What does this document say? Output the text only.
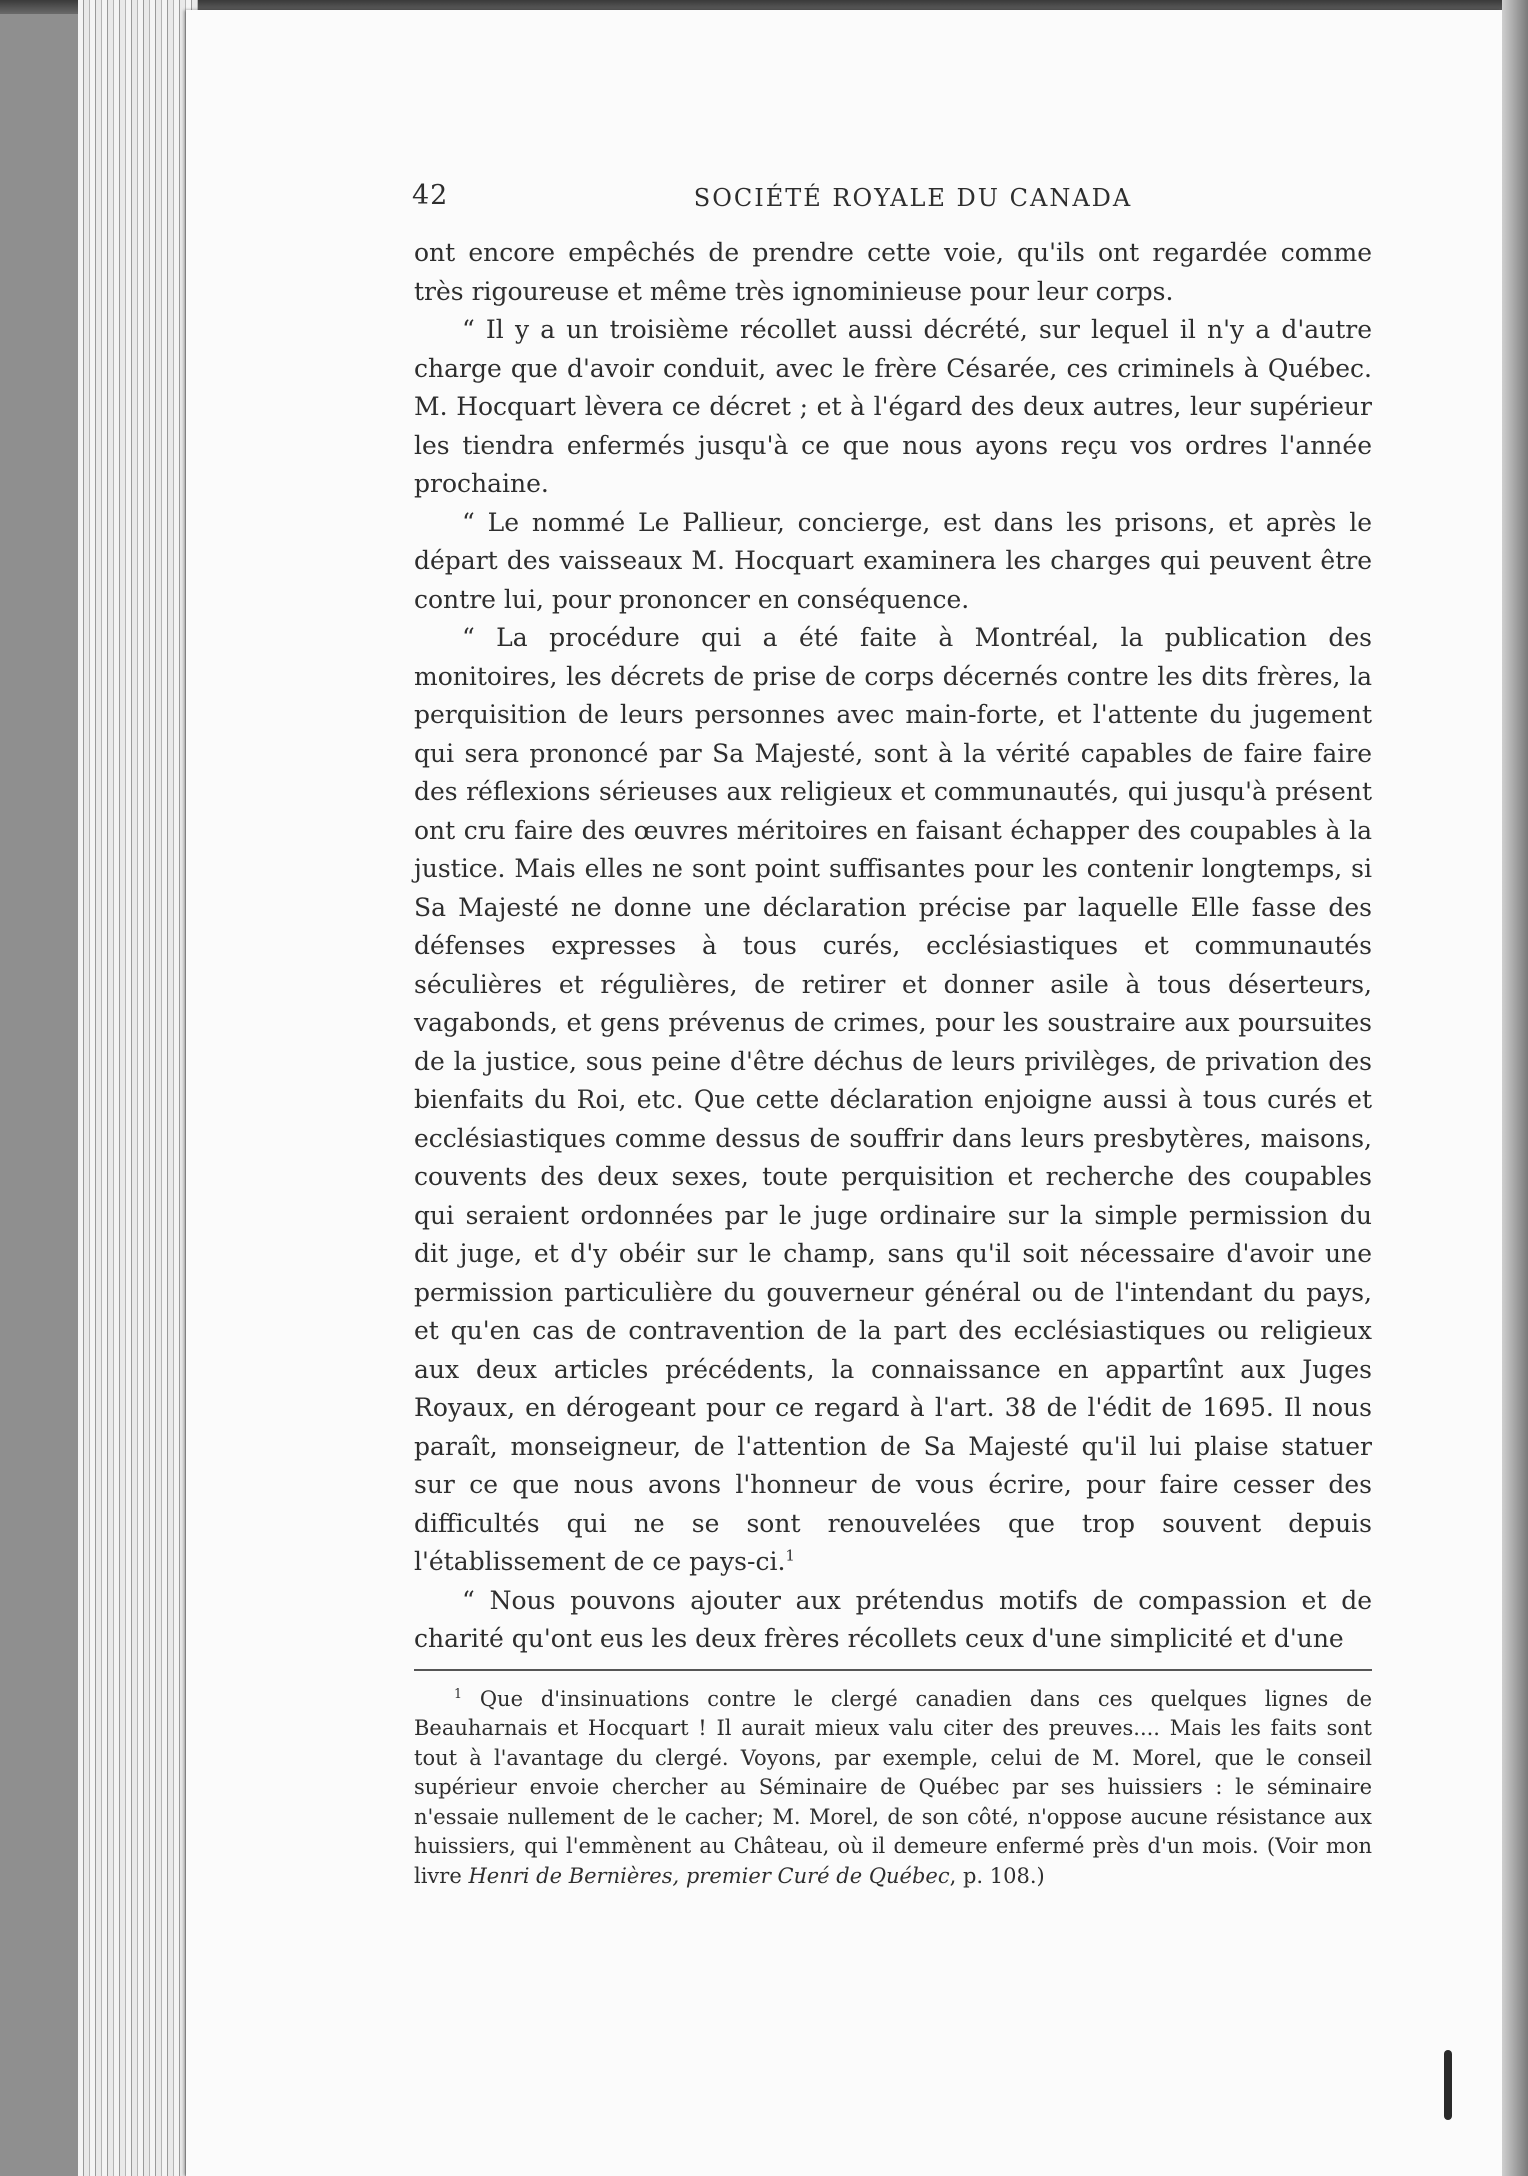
42	SOCIÉTÉ ROYALE DU CANADA

ont encore empêchés de prendre cette voie, qu'ils ont regardée comme très rigoureuse et même très ignominieuse pour leur corps.

“ Il y a un troisième récollet aussi décrété, sur lequel il n'y a d'autre charge que d'avoir conduit, avec le frère Césarée, ces criminels à Québec. M. Hocquart lèvera ce décret ; et à l'égard des deux autres, leur supérieur les tiendra enfermés jusqu'à ce que nous ayons reçu vos ordres l'année prochaine.

“ Le nommé Le Pallieur, concierge, est dans les prisons, et après le départ des vaisseaux M. Hocquart examinera les charges qui peuvent être contre lui, pour prononcer en conséquence.

“ La procédure qui a été faite à Montréal, la publication des monitoires, les décrets de prise de corps décernés contre les dits frères, la perquisition de leurs personnes avec main-forte, et l'attente du jugement qui sera prononcé par Sa Majesté, sont à la vérité capables de faire faire des réflexions sérieuses aux religieux et communautés, qui jusqu'à présent ont cru faire des œuvres méritoires en faisant échapper des coupables à la justice. Mais elles ne sont point suffisantes pour les contenir longtemps, si Sa Majesté ne donne une déclaration précise par laquelle Elle fasse des défenses expresses à tous curés, ecclésiastiques et communautés séculières et régulières, de retirer et donner asile à tous déserteurs, vagabonds, et gens prévenus de crimes, pour les soustraire aux poursuites de la justice, sous peine d'être déchus de leurs privilèges, de privation des bienfaits du Roi, etc. Que cette déclaration enjoigne aussi à tous curés et ecclésiastiques comme dessus de souffrir dans leurs presbytères, maisons, couvents des deux sexes, toute perquisition et recherche des coupables qui seraient ordonnées par le juge ordinaire sur la simple permission du dit juge, et d'y obéir sur le champ, sans qu'il soit nécessaire d'avoir une permission particulière du gouverneur général ou de l'intendant du pays, et qu'en cas de contravention de la part des ecclésiastiques ou religieux aux deux articles précédents, la connaissance en appartînt aux Juges Royaux, en dérogeant pour ce regard à l'art. 38 de l'édit de 1695. Il nous paraît, monseigneur, de l'attention de Sa Majesté qu'il lui plaise statuer sur ce que nous avons l'honneur de vous écrire, pour faire cesser des difficultés qui ne se sont renouvelées que trop souvent depuis l'établissement de ce pays-ci.$^1$

“ Nous pouvons ajouter aux prétendus motifs de compassion et de charité qu'ont eus les deux frères récollets ceux d'une simplicité et d'une

$^1$ Que d'insinuations contre le clergé canadien dans ces quelques lignes de Beauharnais et Hocquart ! Il aurait mieux valu citer des preuves.... Mais les faits sont tout à l'avantage du clergé. Voyons, par exemple, celui de M. Morel, que le conseil supérieur envoie chercher au Séminaire de Québec par ses huissiers : le séminaire n'essaie nullement de le cacher; M. Morel, de son côté, n'oppose aucune résistance aux huissiers, qui l'emmènent au Château, où il demeure enfermé près d'un mois. (Voir mon livre Henri de Bernières, premier Curé de Québec, p. 108.)
